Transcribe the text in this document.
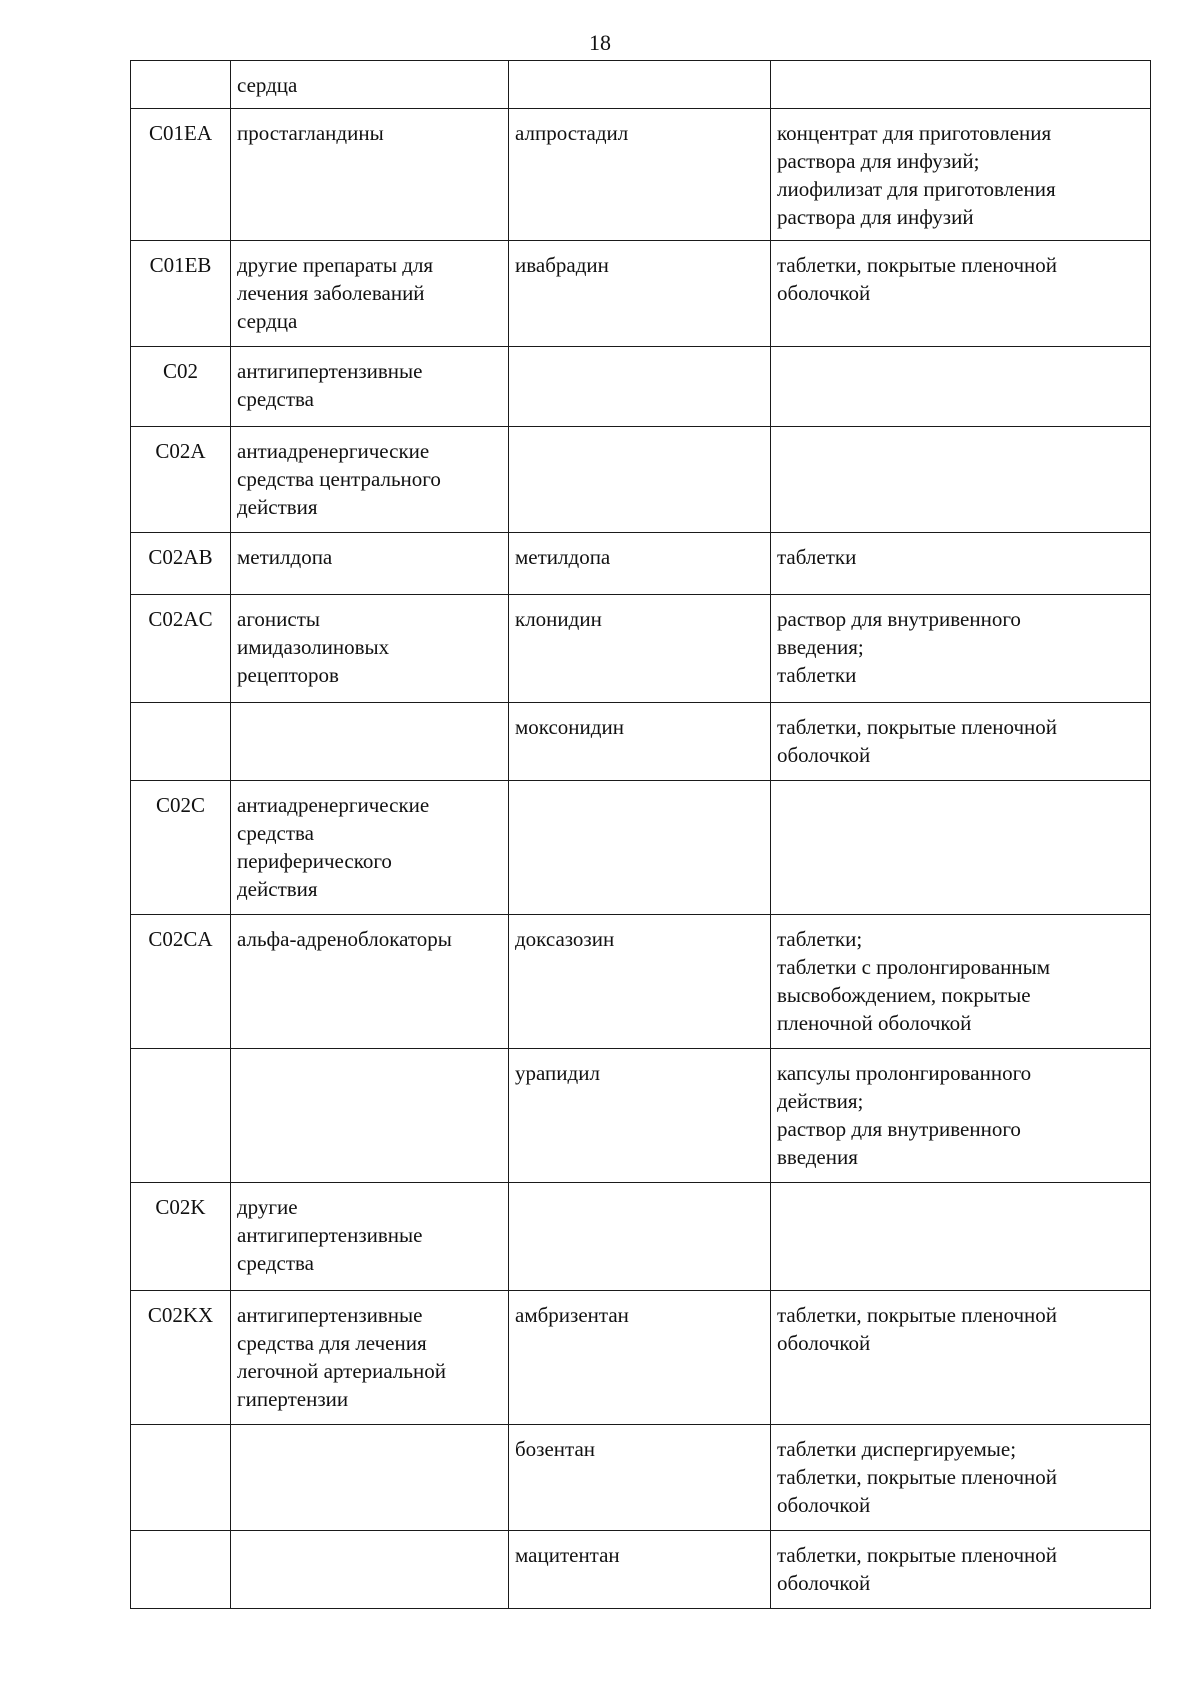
18

	сердца		

C01EA	простагландины	алпростадил	концентрат для приготовления
раствора для инфузий;
лиофилизат для приготовления
раствора для инфузий

C01EB	другие препараты для
лечения заболеваний
сердца	ивабрадин	таблетки, покрытые пленочной
оболочкой

C02	антигипертензивные
средства		

C02A	антиадренергические
средства центрального
действия		

C02AB	метилдопа	метилдопа	таблетки

C02AC	агонисты
имидазолиновых
рецепторов	клонидин	раствор для внутривенного
введения;
таблетки

		моксонидин	таблетки, покрытые пленочной
оболочкой

C02C	антиадренергические
средства
периферического
действия		

C02CA	альфа-адреноблокаторы	доксазозин	таблетки;
таблетки с пролонгированным
высвобождением, покрытые
пленочной оболочкой

		урапидил	капсулы пролонгированного
действия;
раствор для внутривенного
введения

C02K	другие
антигипертензивные
средства		

C02KX	антигипертензивные
средства для лечения
легочной артериальной
гипертензии	амбризентан	таблетки, покрытые пленочной
оболочкой

		бозентан	таблетки диспергируемые;
таблетки, покрытые пленочной
оболочкой

		мацитентан	таблетки, покрытые пленочной
оболочкой
